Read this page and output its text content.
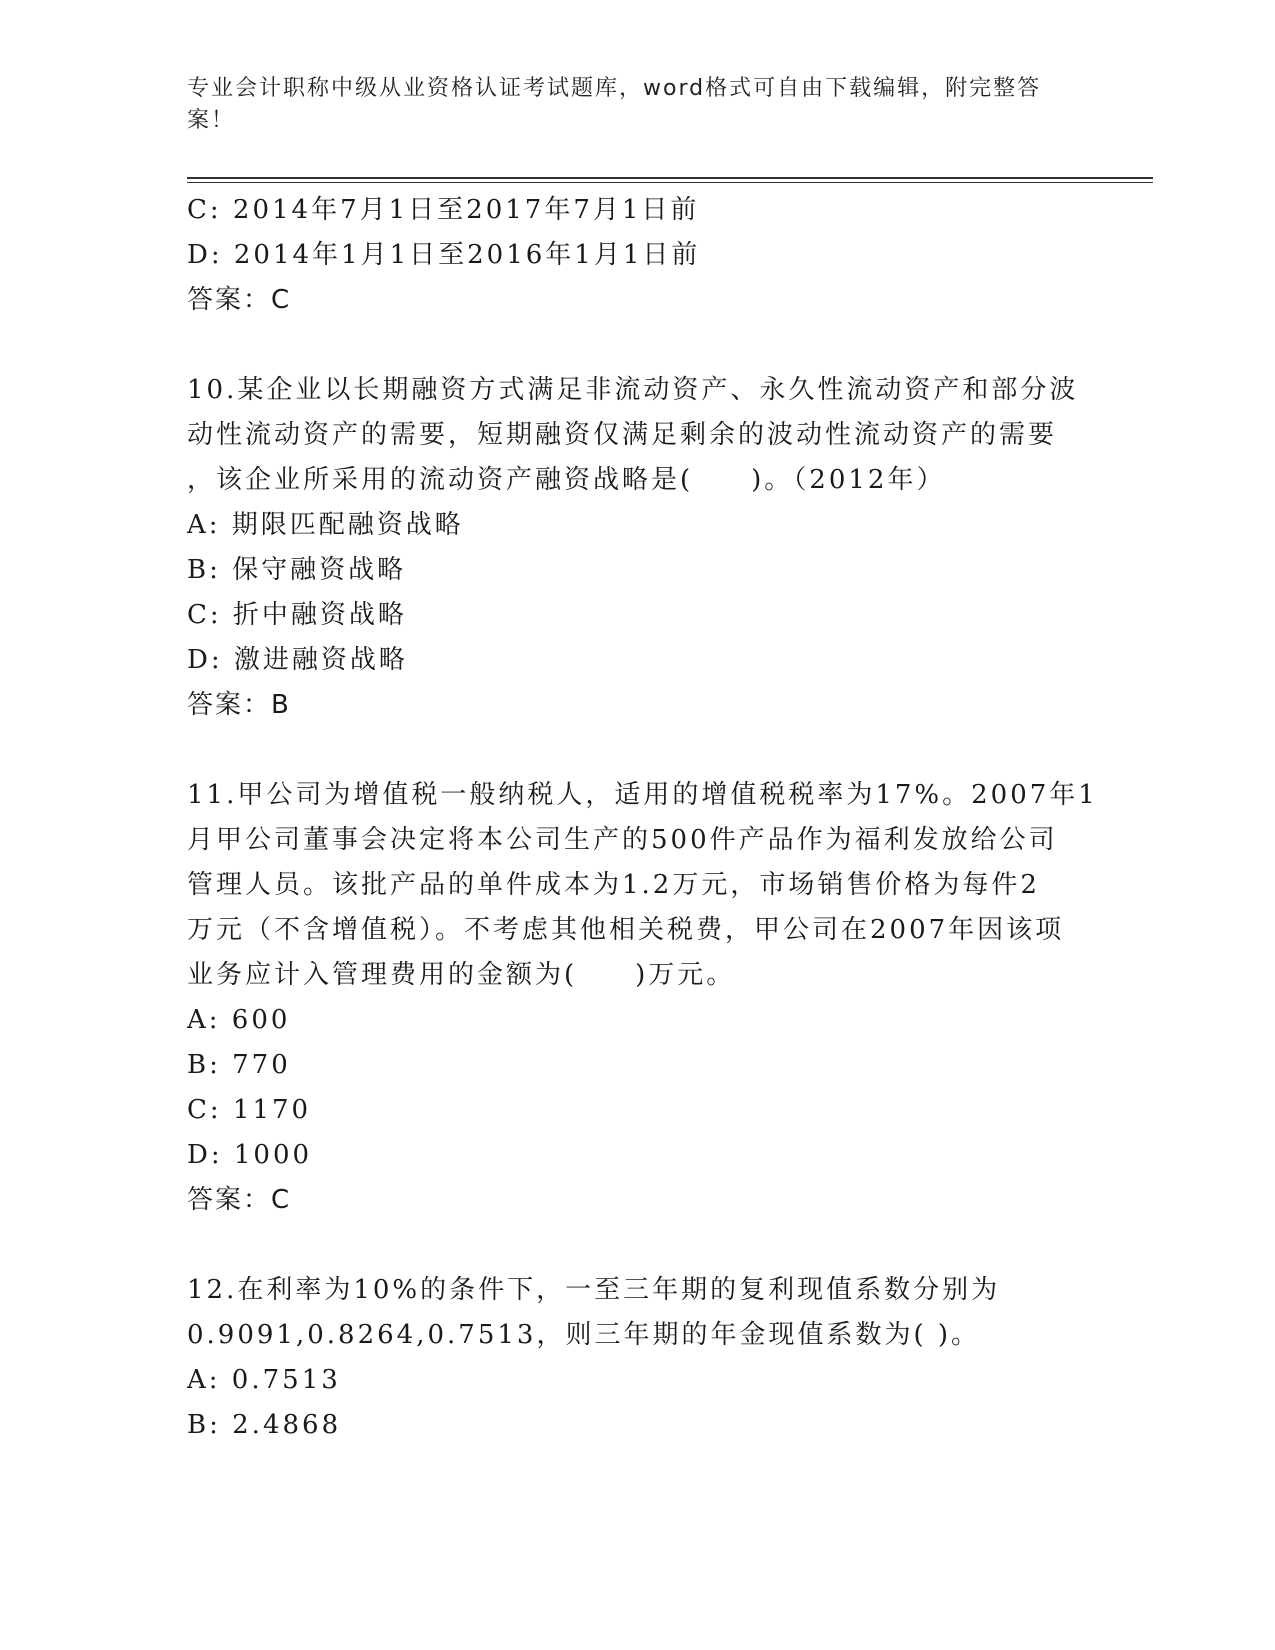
专业会计职称中级从业资格认证考试题库，word格式可自由下载编辑，附完整答
案！
C: 2014年7月1日至2017年7月1日前
D: 2014年1月1日至2016年1月1日前
答案：C
10.某企业以长期融资方式满足非流动资产、永久性流动资产和部分波
动性流动资产的需要，短期融资仅满足剩余的波动性流动资产的需要
，该企业所采用的流动资产融资战略是(　　)。（2012年）
A: 期限匹配融资战略
B: 保守融资战略
C: 折中融资战略
D: 激进融资战略
答案：B
11.甲公司为增值税一般纳税人，适用的增值税税率为17%。2007年1
月甲公司董事会决定将本公司生产的500件产品作为福利发放给公司
管理人员。该批产品的单件成本为1.2万元，市场销售价格为每件2
万元（不含增值税）。不考虑其他相关税费，甲公司在2007年因该项
业务应计入管理费用的金额为(　　)万元。
A: 600
B: 770
C: 1170
D: 1000
答案：C
12.在利率为10%的条件下，一至三年期的复利现值系数分别为
0.9091,0.8264,0.7513，则三年期的年金现值系数为( )。
A: 0.7513
B: 2.4868
